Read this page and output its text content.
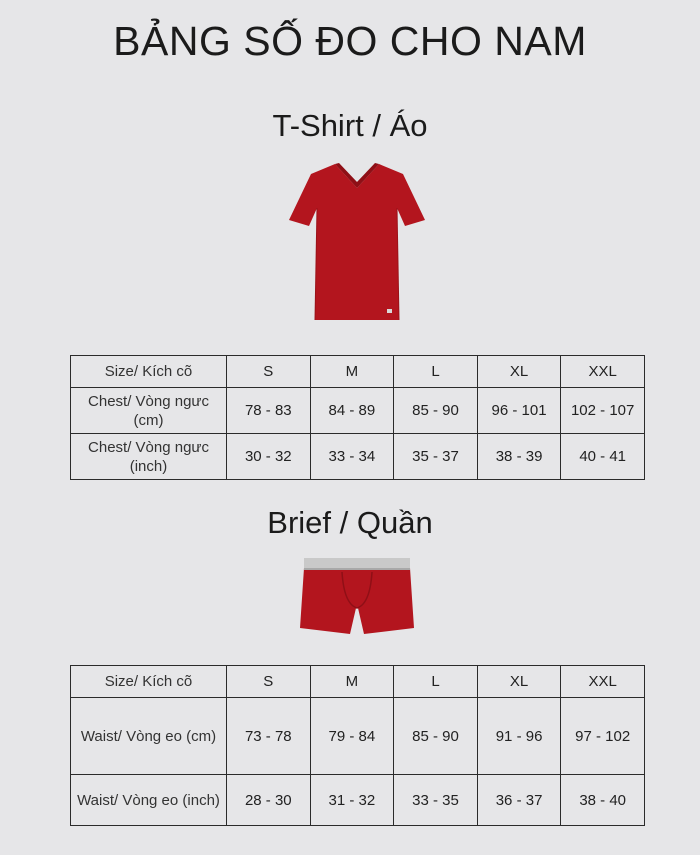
BẢNG SỐ ĐO CHO NAM
T-Shirt / Áo
Size/ Kích cõ	S	M	L	XL	XXL
Chest/ Vòng ngưc (cm)	78 - 83	84 - 89	85 - 90	96 - 101	102 - 107
Chest/ Vòng ngưc (inch)	30 - 32	33 - 34	35 - 37	38 - 39	40 - 41
Brief / Quần
Size/ Kích cõ	S	M	L	XL	XXL
Waist/ Vòng eo (cm)	73 - 78	79 - 84	85 - 90	91 - 96	97 - 102
Waist/ Vòng eo (inch)	28 - 30	31 - 32	33 - 35	36 - 37	38 - 40
